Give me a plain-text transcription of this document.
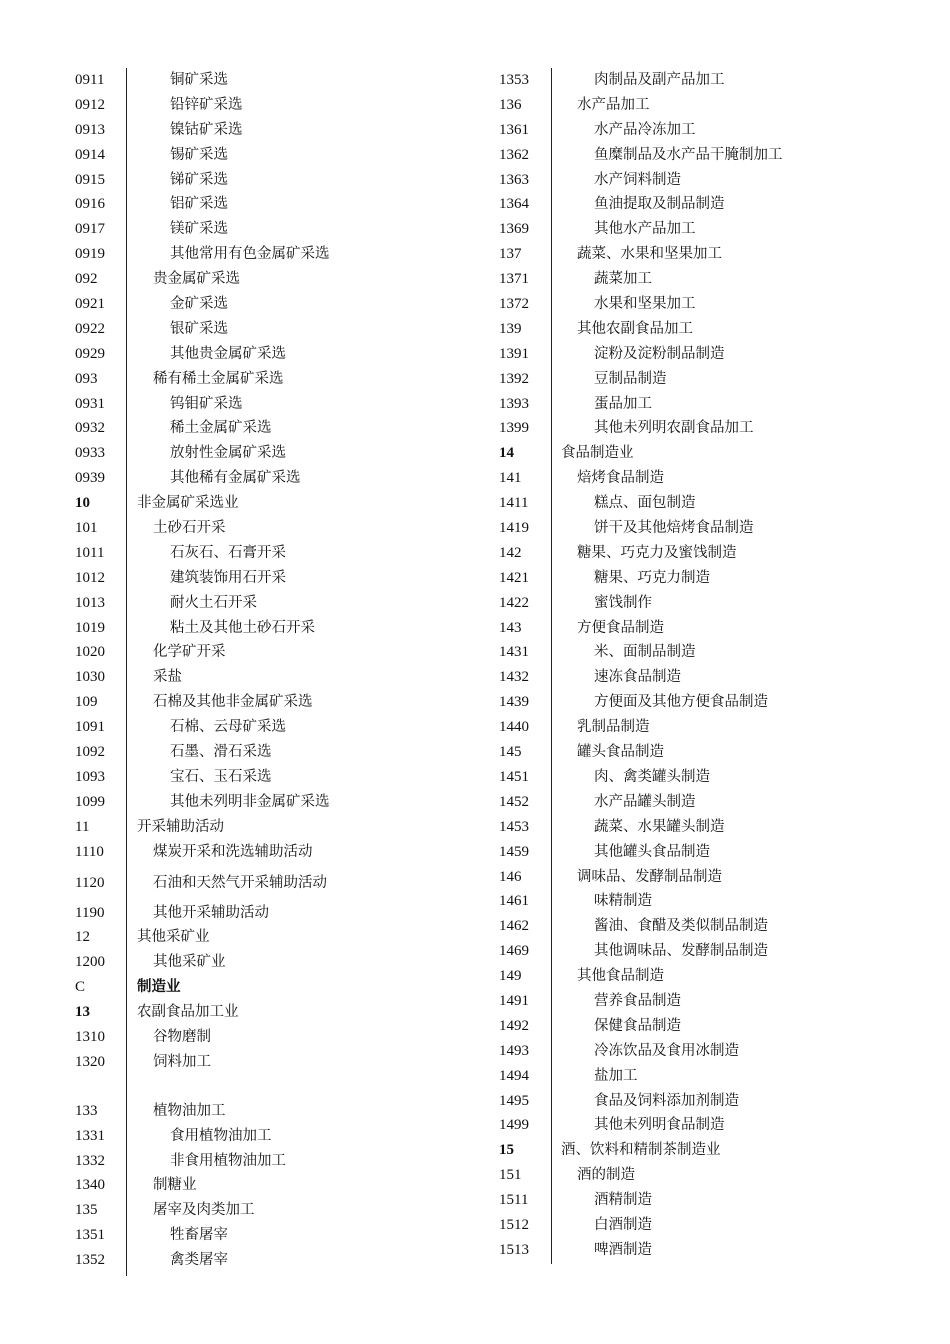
0911	铜矿采选
0912	铅锌矿采选
0913	镍钴矿采选
0914	锡矿采选
0915	锑矿采选
0916	铝矿采选
0917	镁矿采选
0919	其他常用有色金属矿采选
092	贵金属矿采选
0921	金矿采选
0922	银矿采选
0929	其他贵金属矿采选
093	稀有稀土金属矿采选
0931	钨钼矿采选
0932	稀土金属矿采选
0933	放射性金属矿采选
0939	其他稀有金属矿采选
10	非金属矿采选业
101	土砂石开采
1011	石灰石、石膏开采
1012	建筑装饰用石开采
1013	耐火土石开采
1019	粘土及其他土砂石开采
1020	化学矿开采
1030	采盐
109	石棉及其他非金属矿采选
1091	石棉、云母矿采选
1092	石墨、滑石采选
1093	宝石、玉石采选
1099	其他未列明非金属矿采选
11	开采辅助活动
1110	煤炭开采和洗选辅助活动
1120	石油和天然气开采辅助活动
1190	其他开采辅助活动
12	其他采矿业
1200	其他采矿业
C	制造业
13	农副食品加工业
1310	谷物磨制
1320	饲料加工
133	植物油加工
1331	食用植物油加工
1332	非食用植物油加工
1340	制糖业
135	屠宰及肉类加工
1351	牲畜屠宰
1352	禽类屠宰
1353	肉制品及副产品加工
136	水产品加工
1361	水产品冷冻加工
1362	鱼糜制品及水产品干腌制加工
1363	水产饲料制造
1364	鱼油提取及制品制造
1369	其他水产品加工
137	蔬菜、水果和坚果加工
1371	蔬菜加工
1372	水果和坚果加工
139	其他农副食品加工
1391	淀粉及淀粉制品制造
1392	豆制品制造
1393	蛋品加工
1399	其他未列明农副食品加工
14	食品制造业
141	焙烤食品制造
1411	糕点、面包制造
1419	饼干及其他焙烤食品制造
142	糖果、巧克力及蜜饯制造
1421	糖果、巧克力制造
1422	蜜饯制作
143	方便食品制造
1431	米、面制品制造
1432	速冻食品制造
1439	方便面及其他方便食品制造
1440	乳制品制造
145	罐头食品制造
1451	肉、禽类罐头制造
1452	水产品罐头制造
1453	蔬菜、水果罐头制造
1459	其他罐头食品制造
146	调味品、发酵制品制造
1461	味精制造
1462	酱油、食醋及类似制品制造
1469	其他调味品、发酵制品制造
149	其他食品制造
1491	营养食品制造
1492	保健食品制造
1493	冷冻饮品及食用冰制造
1494	盐加工
1495	食品及饲料添加剂制造
1499	其他未列明食品制造
15	酒、饮料和精制茶制造业
151	酒的制造
1511	酒精制造
1512	白酒制造
1513	啤酒制造
